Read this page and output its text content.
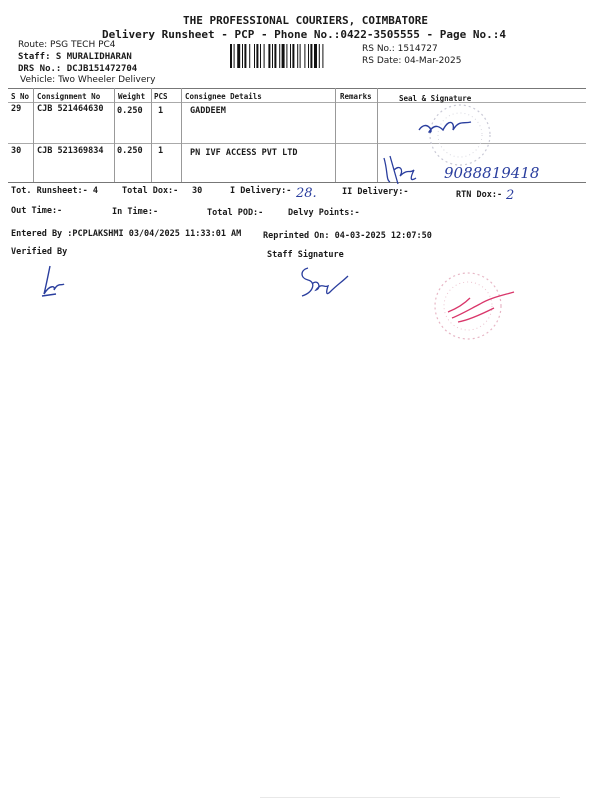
THE PROFESSIONAL COURIERS, COIMBATORE
Delivery Runsheet - PCP - Phone No.:0422-3505555 - Page No.:4
Route: PSG TECH PC4
Staff: S MURALIDHARAN
DRS No.: DCJB151472704
Vehicle: Two Wheeler Delivery
RS No.: 1514727
RS Date: 04-Mar-2025
S No Consignment No Weight PCS Consignee Details	Remarks	Seal & Signature
29 CJB 521464630 0.250 1	GADDEEM
30 CJB 521369834 0.250 1	PN IVF ACCESS PVT LTD
9088819418
Tot. Runsheet:- 4	Total Dox:- 30	I Delivery:- 28.	II Delivery:-	RTN Dox:- 2
Out Time:-	In Time:-	Total POD:-	Delvy Points:-
Entered By :PCPLAKSHMI 03/04/2025 11:33:01 AM	Reprinted On: 04-03-2025 12:07:50
Verified By	Staff Signature
